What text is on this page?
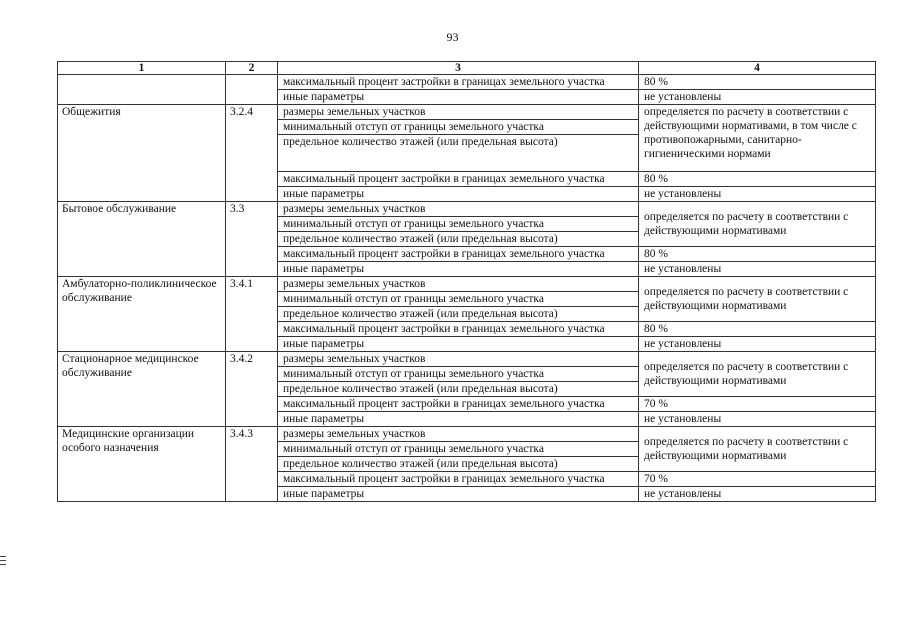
93
1	2	3	4
		максимальный процент застройки в границах земельного участка	80 %
		иные параметры	не установлены
Общежития	3.2.4	размеры земельных участков	определяется по расчету в соответствии с действующими нормативами, в том числе с противопожарными, санитарно-гигиеническими нормами
		минимальный отступ от границы земельного участка	
		предельное количество этажей (или предельная высота)	
		максимальный процент застройки в границах земельного участка	80 %
		иные параметры	не установлены
Бытовое обслуживание	3.3	размеры земельных участков	определяется по расчету в соответствии с действующими нормативами
		минимальный отступ от границы земельного участка	
		предельное количество этажей (или предельная высота)	
		максимальный процент застройки в границах земельного участка	80 %
		иные параметры	не установлены
Амбулаторно-поликлиническое обслуживание	3.4.1	размеры земельных участков	определяется по расчету в соответствии с действующими нормативами
		минимальный отступ от границы земельного участка	
		предельное количество этажей (или предельная высота)	
		максимальный процент застройки в границах земельного участка	80 %
		иные параметры	не установлены
Стационарное медицинское обслуживание	3.4.2	размеры земельных участков	определяется по расчету в соответствии с действующими нормативами
		минимальный отступ от границы земельного участка	
		предельное количество этажей (или предельная высота)	
		максимальный процент застройки в границах земельного участка	70 %
		иные параметры	не установлены
Медицинские организации особого назначения	3.4.3	размеры земельных участков	определяется по расчету в соответствии с действующими нормативами
		минимальный отступ от границы земельного участка	
		предельное количество этажей (или предельная высота)	
		максимальный процент застройки в границах земельного участка	70 %
		иные параметры	не установлены
